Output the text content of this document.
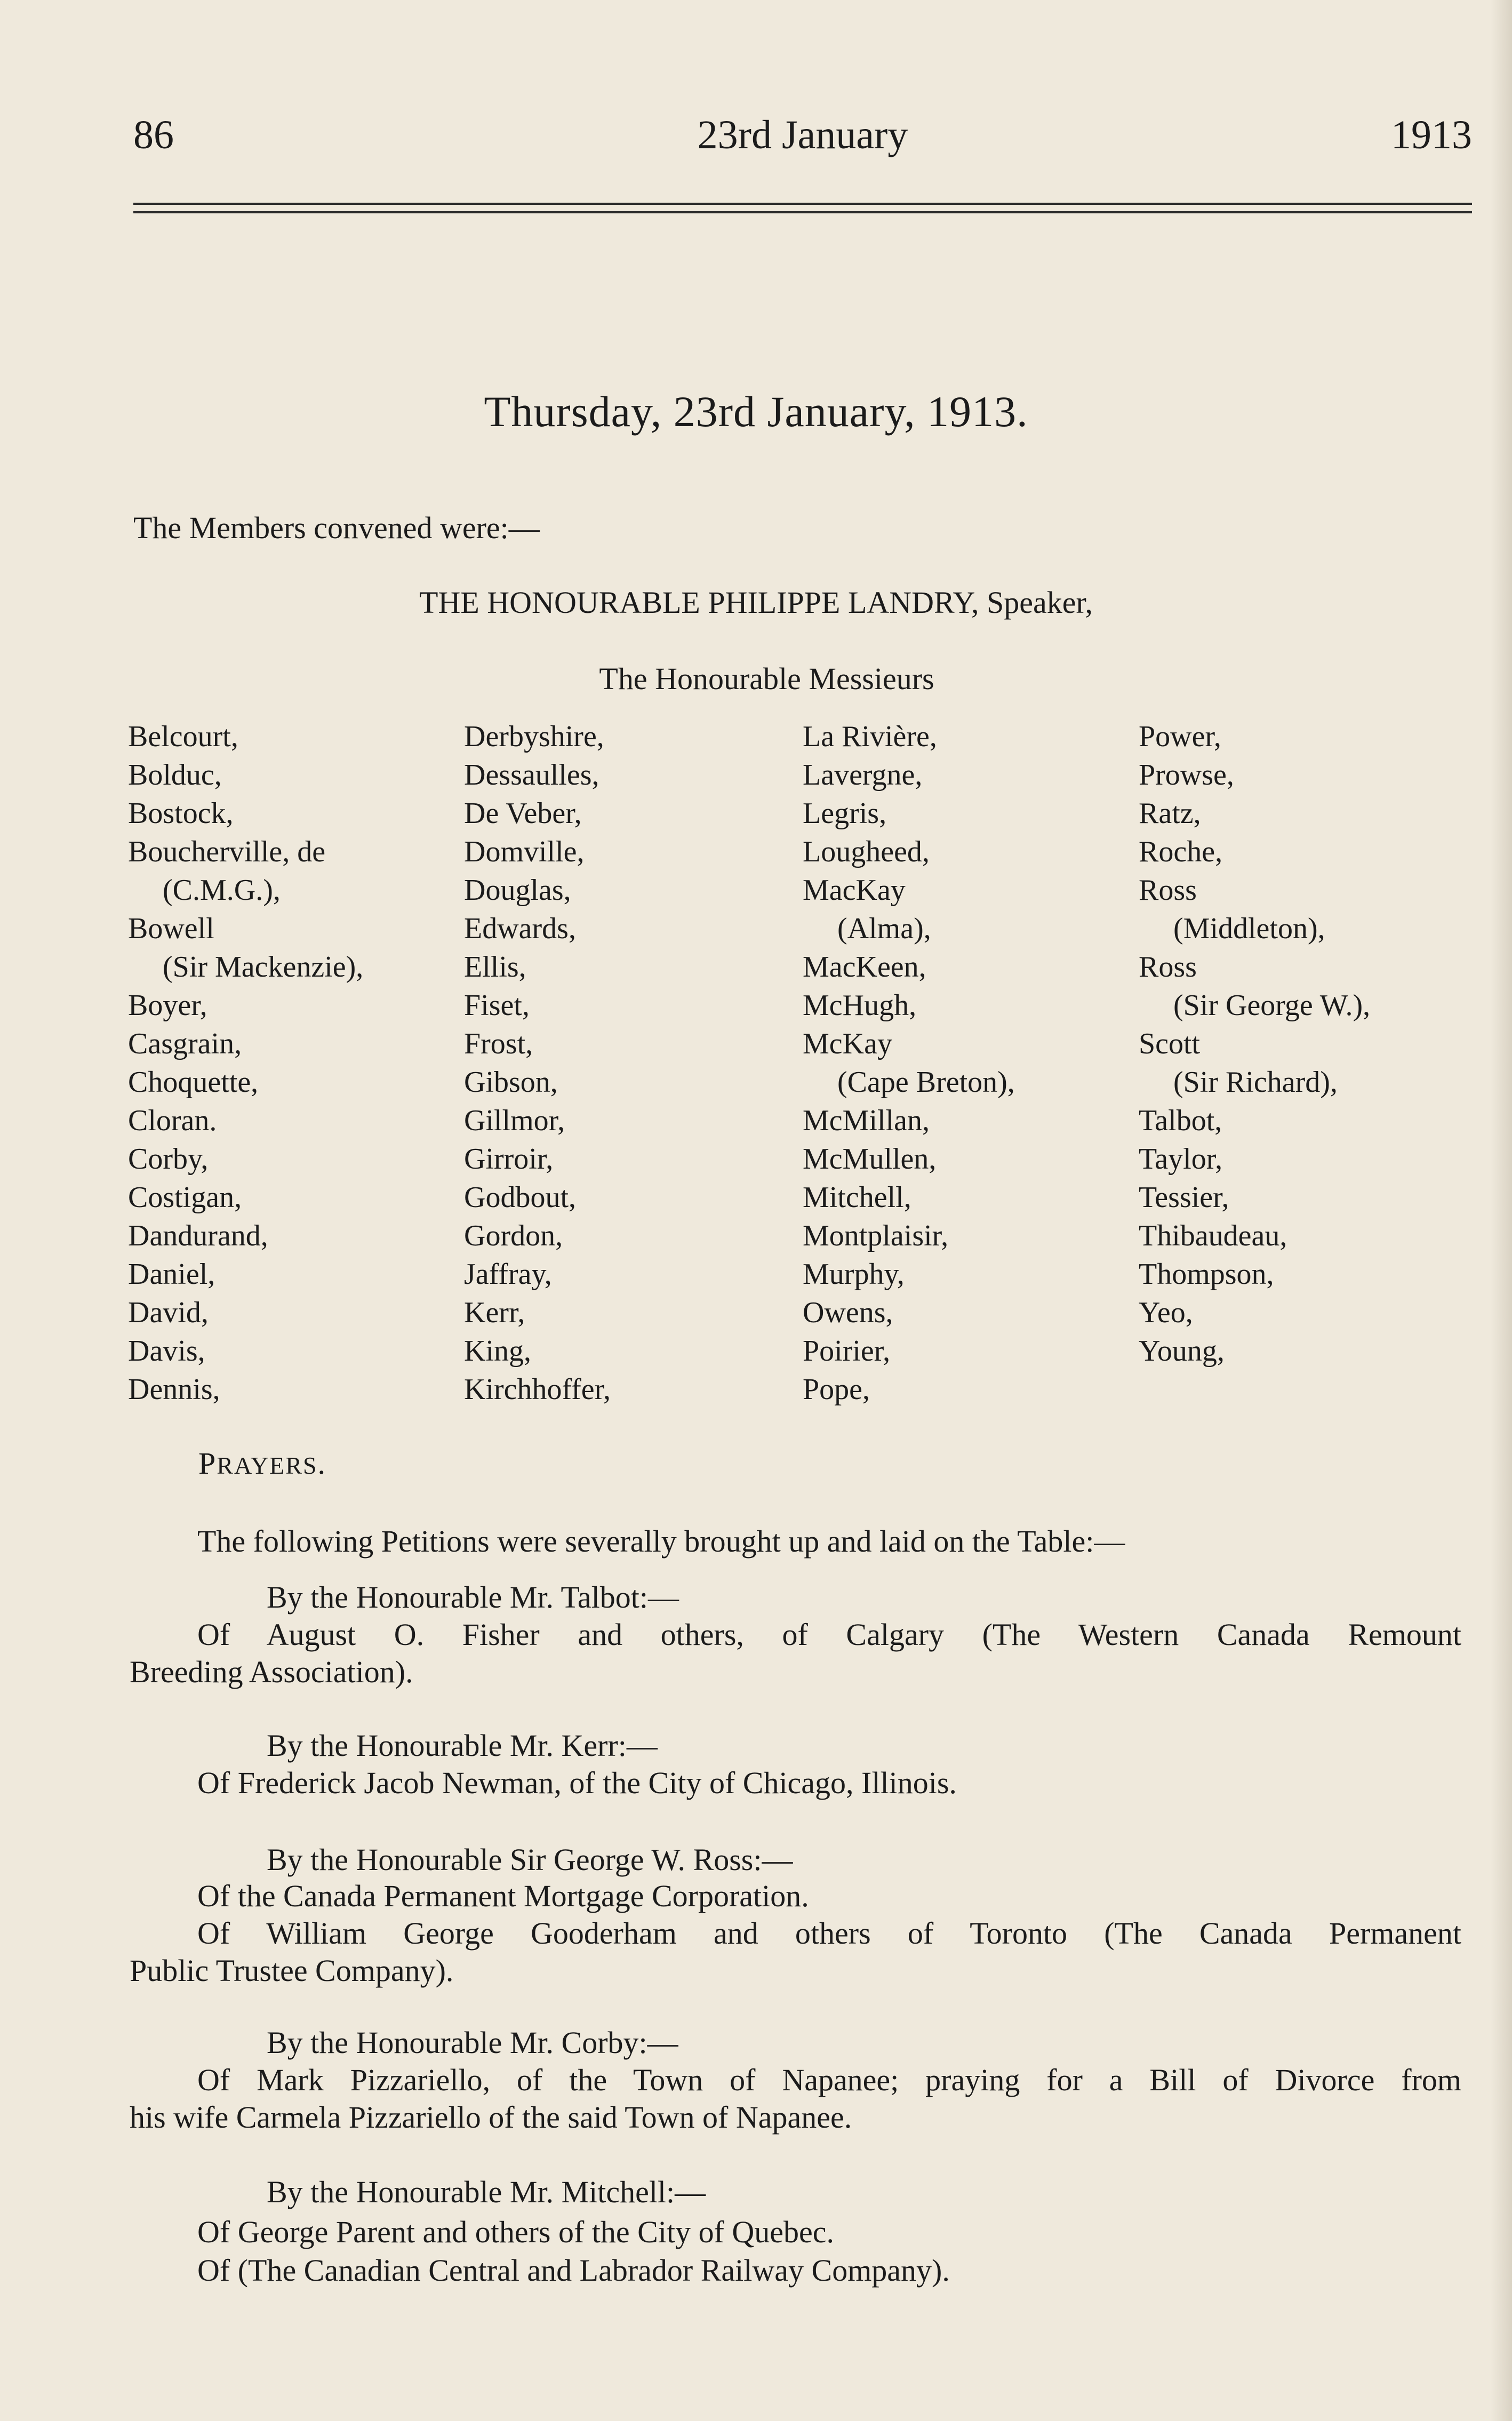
86	23rd January	1913
Thursday, 23rd January, 1913.
The Members convened were:—
THE HONOURABLE PHILIPPE LANDRY, Speaker,
The Honourable Messieurs
Belcourt,
Bolduc,
Bostock,
Boucherville, de
(C.M.G.),
Bowell
(Sir Mackenzie),
Boyer,
Casgrain,
Choquette,
Cloran.
Corby,
Costigan,
Dandurand,
Daniel,
David,
Davis,
Dennis,
Derbyshire,
Dessaulles,
De Veber,
Domville,
Douglas,
Edwards,
Ellis,
Fiset,
Frost,
Gibson,
Gillmor,
Girroir,
Godbout,
Gordon,
Jaffray,
Kerr,
King,
Kirchhoffer,
La Rivière,
Lavergne,
Legris,
Lougheed,
MacKay
(Alma),
MacKeen,
McHugh,
McKay
(Cape Breton),
McMillan,
McMullen,
Mitchell,
Montplaisir,
Murphy,
Owens,
Poirier,
Pope,
Power,
Prowse,
Ratz,
Roche,
Ross
(Middleton),
Ross
(Sir George W.),
Scott
(Sir Richard),
Talbot,
Taylor,
Tessier,
Thibaudeau,
Thompson,
Yeo,
Young,
PRAYERS.
The following Petitions were severally brought up and laid on the Table:—
By the Honourable Mr. Talbot:—
Of August O. Fisher and others, of Calgary (The Western Canada Remount
Breeding Association).
By the Honourable Mr. Kerr:—
Of Frederick Jacob Newman, of the City of Chicago, Illinois.
By the Honourable Sir George W. Ross:—
Of the Canada Permanent Mortgage Corporation.
Of William George Gooderham and others of Toronto (The Canada Permanent
Public Trustee Company).
By the Honourable Mr. Corby:—
Of Mark Pizzariello, of the Town of Napanee; praying for a Bill of Divorce from
his wife Carmela Pizzariello of the said Town of Napanee.
By the Honourable Mr. Mitchell:—
Of George Parent and others of the City of Quebec.
Of (The Canadian Central and Labrador Railway Company).
